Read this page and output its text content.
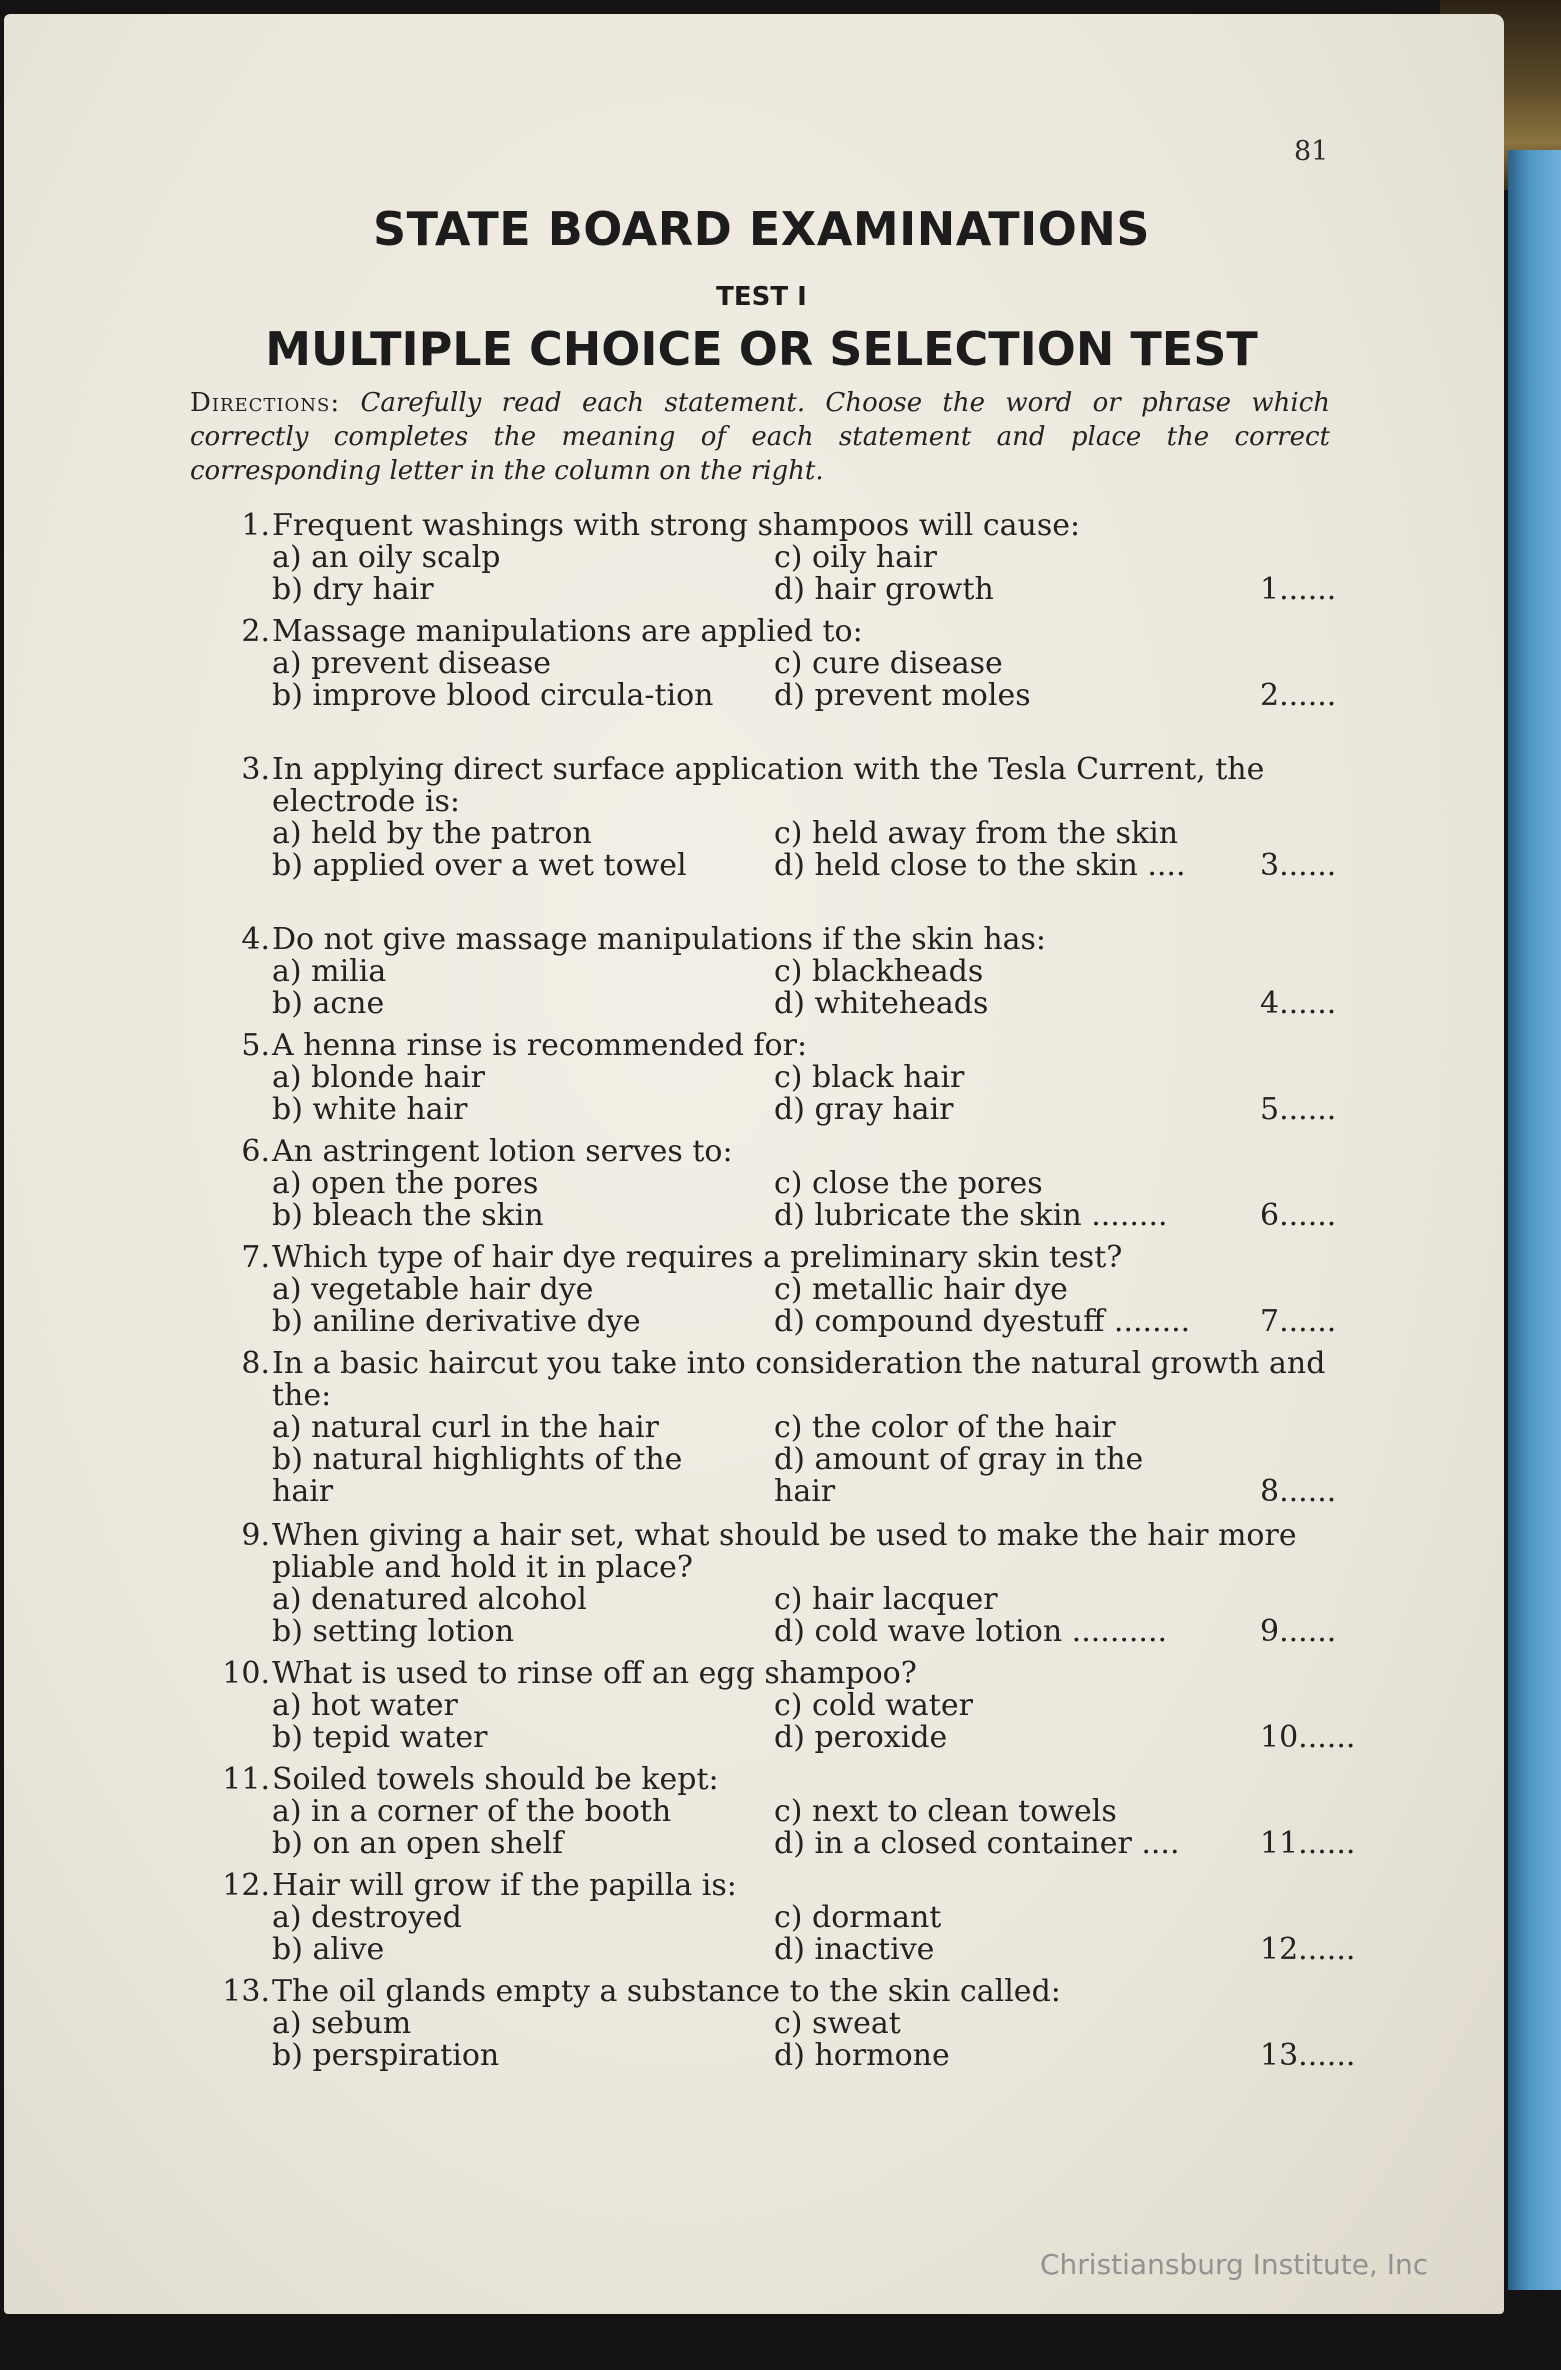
81
STATE BOARD EXAMINATIONS
TEST I
MULTIPLE CHOICE OR SELECTION TEST
Directions: Carefully read each statement. Choose the word or phrase which correctly completes the meaning of each statement and place the correct corresponding letter in the column on the right.
1. Frequent washings with strong shampoos will cause:
a) an oily scalp
b) dry hair
c) oily hair
d) hair growth	1......
2. Massage manipulations are applied to:
a) prevent disease
b) improve blood circula-tion
c) cure disease
d) prevent moles	2......
3. In applying direct surface application with the Tesla Current, the electrode is:
a) held by the patron
b) applied over a wet towel
c) held away from the skin
d) held close to the skin .... 3......
4. Do not give massage manipulations if the skin has:
a) milia
b) acne
c) blackheads
d) whiteheads	4......
5. A henna rinse is recommended for:
a) blonde hair
b) white hair
c) black hair
d) gray hair	5......
6. An astringent lotion serves to:
a) open the pores
b) bleach the skin
c) close the pores
d) lubricate the skin ........	6......
7. Which type of hair dye requires a preliminary skin test?
a) vegetable hair dye
b) aniline derivative dye
c) metallic hair dye
d) compound dyestuff ........ 7......
8. In a basic haircut you take into consideration the natural growth and the:
a) natural curl in the hair
b) natural highlights of the hair
c) the color of the hair
d) amount of gray in the hair	8......
9. When giving a hair set, what should be used to make the hair more pliable and hold it in place?
a) denatured alcohol
b) setting lotion
c) hair lacquer
d) cold wave lotion ..........	9......
10. What is used to rinse off an egg shampoo?
a) hot water
b) tepid water
c) cold water
d) peroxide	10......
11. Soiled towels should be kept:
a) in a corner of the booth
b) on an open shelf
c) next to clean towels
d) in a closed container ....	11......
12. Hair will grow if the papilla is:
a) destroyed
b) alive
c) dormant
d) inactive	12......
13. The oil glands empty a substance to the skin called:
a) sebum
b) perspiration
c) sweat
d) hormone	13......
Christiansburg Institute, Inc
